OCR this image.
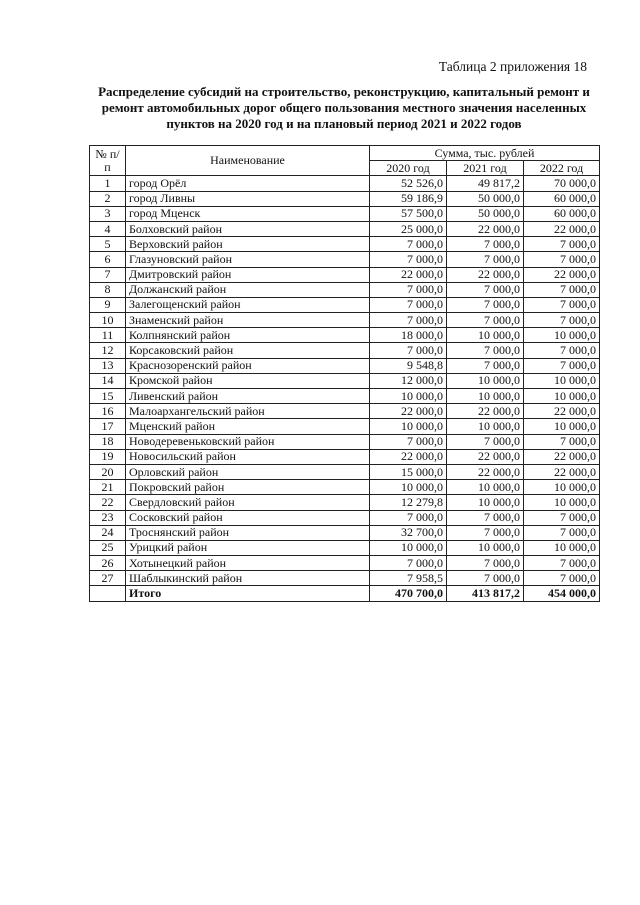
Таблица 2 приложения 18
Распределение субсидий на строительство, реконструкцию, капитальный ремонт и ремонт автомобильных дорог общего пользования местного значения населенных пунктов на 2020 год и на плановый период 2021 и 2022 годов
№ п/п	Наименование	Сумма, тыс. рублей		
		2020 год	2021 год	2022 год
1	город Орёл	52 526,0	49 817,2	70 000,0
2	город Ливны	59 186,9	50 000,0	60 000,0
3	город Мценск	57 500,0	50 000,0	60 000,0
4	Болховский район	25 000,0	22 000,0	22 000,0
5	Верховский район	7 000,0	7 000,0	7 000,0
6	Глазуновский район	7 000,0	7 000,0	7 000,0
7	Дмитровский район	22 000,0	22 000,0	22 000,0
8	Должанский район	7 000,0	7 000,0	7 000,0
9	Залегощенский район	7 000,0	7 000,0	7 000,0
10	Знаменский район	7 000,0	7 000,0	7 000,0
11	Колпнянский район	18 000,0	10 000,0	10 000,0
12	Корсаковский район	7 000,0	7 000,0	7 000,0
13	Краснозоренский район	9 548,8	7 000,0	7 000,0
14	Кромской район	12 000,0	10 000,0	10 000,0
15	Ливенский район	10 000,0	10 000,0	10 000,0
16	Малоархангельский район	22 000,0	22 000,0	22 000,0
17	Мценский район	10 000,0	10 000,0	10 000,0
18	Новодеревеньковский район	7 000,0	7 000,0	7 000,0
19	Новосильский район	22 000,0	22 000,0	22 000,0
20	Орловский район	15 000,0	22 000,0	22 000,0
21	Покровский район	10 000,0	10 000,0	10 000,0
22	Свердловский район	12 279,8	10 000,0	10 000,0
23	Сосковский район	7 000,0	7 000,0	7 000,0
24	Троснянский район	32 700,0	7 000,0	7 000,0
25	Урицкий район	10 000,0	10 000,0	10 000,0
26	Хотынецкий район	7 000,0	7 000,0	7 000,0
27	Шаблыкинский район	7 958,5	7 000,0	7 000,0
	Итого	470 700,0	413 817,2	454 000,0
